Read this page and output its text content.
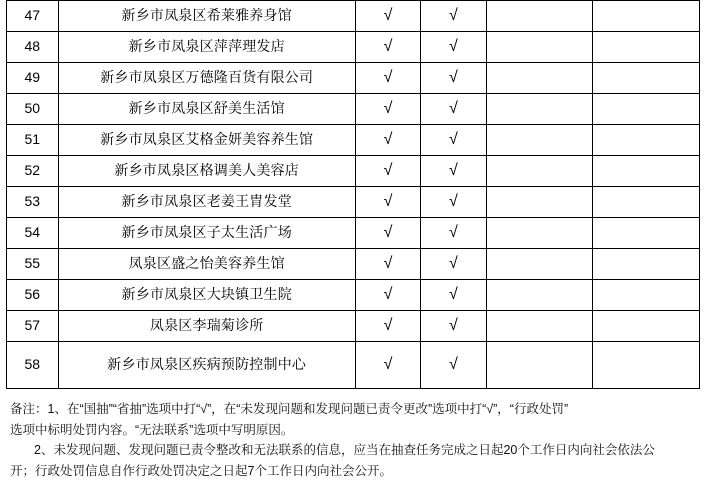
47	新乡市凤泉区希莱雅养身馆	√	√		
48	新乡市凤泉区萍萍理发店	√	√		
49	新乡市凤泉区万德隆百货有限公司	√	√		
50	新乡市凤泉区舒美生活馆	√	√		
51	新乡市凤泉区艾格金妍美容养生馆	√	√		
52	新乡市凤泉区格调美人美容店	√	√		
53	新乡市凤泉区老姜王胄发堂	√	√		
54	新乡市凤泉区子太生活广场	√	√		
55	凤泉区盛之怡美容养生馆	√	√		
56	新乡市凤泉区大块镇卫生院	√	√		
57	凤泉区李瑞菊诊所	√	√		
58	新乡市凤泉区疾病预防控制中心	√	√		

备注：1、在“国抽”“省抽”选项中打“√”，在“未发现问题和发现问题已责令更改”选项中打“√”，“行政处罚”

选项中标明处罚内容。“无法联系”选项中写明原因。

2、未发现问题、发现问题已责令整改和无法联系的信息，应当在抽查任务完成之日起20个工作日内向社会依法公

开；行政处罚信息自作行政处罚决定之日起7个工作日内向社会公开。
